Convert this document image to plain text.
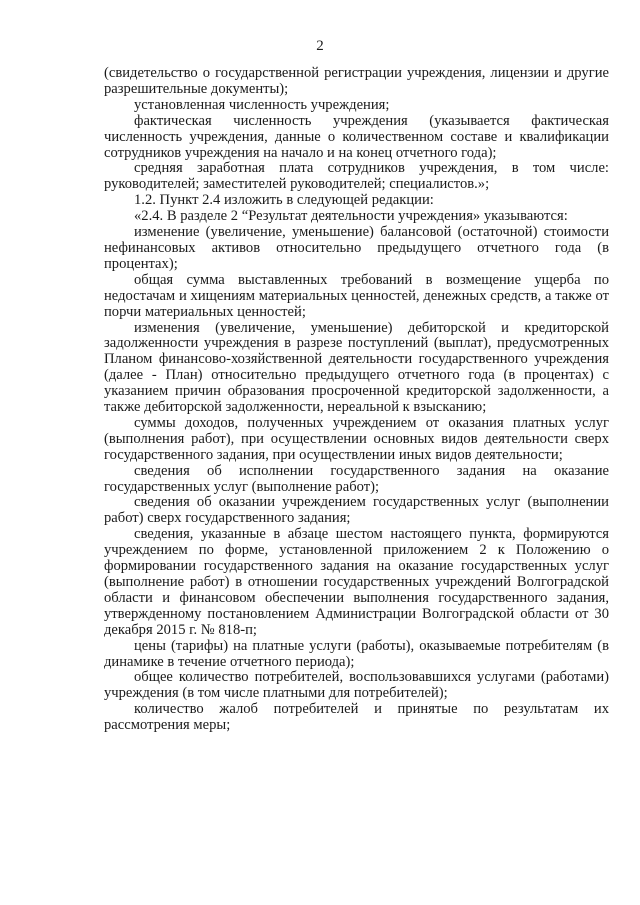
2

(свидетельство о государственной регистрации учреждения, лицензии и другие разрешительные документы);

установленная численность учреждения;

фактическая численность учреждения (указывается фактическая численность учреждения, данные о количественном составе и квалификации сотрудников учреждения на начало и на конец отчетного года);

средняя заработная плата сотрудников учреждения, в том числе: руководителей; заместителей руководителей; специалистов.»;

1.2. Пункт 2.4 изложить в следующей редакции:

«2.4. В разделе 2 “Результат деятельности учреждения» указываются:

изменение (увеличение, уменьшение) балансовой (остаточной) стоимости нефинансовых активов относительно предыдущего отчетного года (в процентах);

общая сумма выставленных требований в возмещение ущерба по недостачам и хищениям материальных ценностей, денежных средств, а также от порчи материальных ценностей;

изменения (увеличение, уменьшение) дебиторской и кредиторской задолженности учреждения в разрезе поступлений (выплат), предусмотренных Планом финансово-хозяйственной деятельности государственного учреждения (далее - План) относительно предыдущего отчетного года (в процентах) с указанием причин образования просроченной кредиторской задолженности, а также дебиторской задолженности, нереальной к взысканию;

суммы доходов, полученных учреждением от оказания платных услуг (выполнения работ), при осуществлении основных видов деятельности сверх государственного задания, при осуществлении иных видов деятельности;

сведения об исполнении государственного задания на оказание государственных услуг (выполнение работ);

сведения об оказании учреждением государственных услуг (выполнении работ) сверх государственного задания;

сведения, указанные в абзаце шестом настоящего пункта, формируются учреждением по форме, установленной приложением 2 к Положению о формировании государственного задания на оказание государственных услуг (выполнение работ) в отношении государственных учреждений Волгоградской области и финансовом обеспечении выполнения государственного задания, утвержденному постановлением Администрации Волгоградской области от 30 декабря 2015 г. № 818-п;

цены (тарифы) на платные услуги (работы), оказываемые потребителям (в динамике в течение отчетного периода);

общее количество потребителей, воспользовавшихся услугами (работами) учреждения (в том числе платными для потребителей);

количество жалоб потребителей и принятые по результатам их рассмотрения меры;
